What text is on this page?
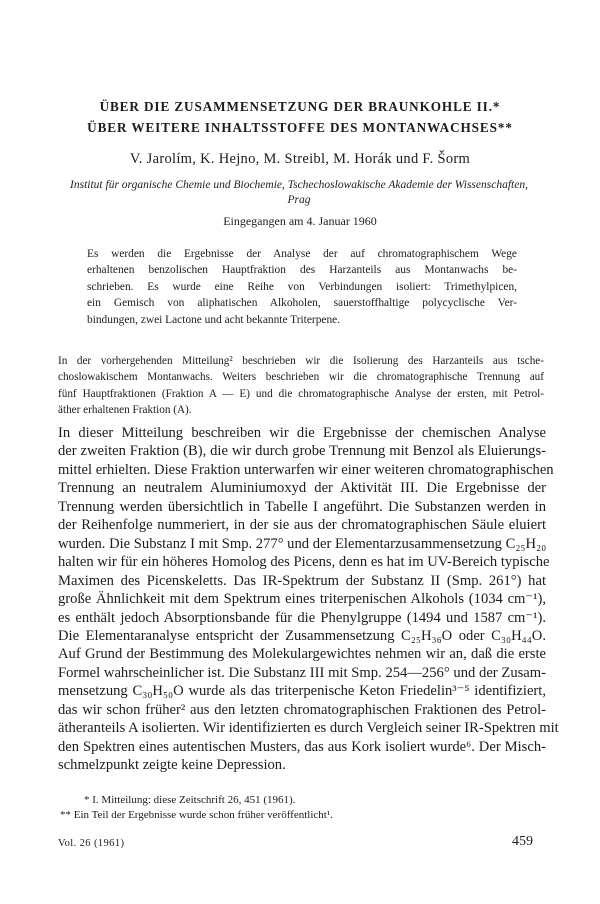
ÜBER DIE ZUSAMMENSETZUNG DER BRAUNKOHLE II.*
ÜBER WEITERE INHALTSSTOFFE DES MONTANWACHSES**
V. Jarolím, K. Hejno, M. Streibl, M. Horák und F. Šorm
Institut für organische Chemie und Biochemie, Tschechoslowakische Akademie der Wissenschaften,
Prag
Eingegangen am 4. Januar 1960
Es werden die Ergebnisse der Analyse der auf chromatographischem Wege
erhaltenen benzolischen Hauptfraktion des Harzanteils aus Montanwachs be-
schrieben. Es wurde eine Reihe von Verbindungen isoliert: Trimethylpicen,
ein Gemisch von aliphatischen Alkoholen, sauerstoffhaltige polycyclische Ver-
bindungen, zwei Lactone und acht bekannte Triterpene.
In der vorhergehenden Mitteilung² beschrieben wir die Isolierung des Harzanteils aus tsche-
choslowakischem Montanwachs. Weiters beschrieben wir die chromatographische Trennung auf
fünf Hauptfraktionen (Fraktion A — E) und die chromatographische Analyse der ersten, mit Petrol-
äther erhaltenen Fraktion (A).
In dieser Mitteilung beschreiben wir die Ergebnisse der chemischen Analyse
der zweiten Fraktion (B), die wir durch grobe Trennung mit Benzol als Eluierungs-
mittel erhielten. Diese Fraktion unterwarfen wir einer weiteren chromatographischen
Trennung an neutralem Aluminiumoxyd der Aktivität III. Die Ergebnisse der
Trennung werden übersichtlich in Tabelle I angeführt. Die Substanzen werden in
der Reihenfolge nummeriert, in der sie aus der chromatographischen Säule eluiert
wurden. Die Substanz I mit Smp. 277° und der Elementarzusammensetzung C₂₅H₂₀
halten wir für ein höheres Homolog des Picens, denn es hat im UV-Bereich typische
Maximen des Picenskeletts. Das IR-Spektrum der Substanz II (Smp. 261°) hat
große Ähnlichkeit mit dem Spektrum eines triterpenischen Alkohols (1034 cm⁻¹),
es enthält jedoch Absorptionsbande für die Phenylgruppe (1494 und 1587 cm⁻¹).
Die Elementaranalyse entspricht der Zusammensetzung C₂₅H₃₆O oder C₃₀H₄₄O.
Auf Grund der Bestimmung des Molekulargewichtes nehmen wir an, daß die erste
Formel wahrscheinlicher ist. Die Substanz III mit Smp. 254—256° und der Zusam-
mensetzung C₃₀H₅₀O wurde als das triterpenische Keton Friedelin³⁻⁵ identifiziert,
das wir schon früher² aus den letzten chromatographischen Fraktionen des Petrol-
ätheranteils A isolierten. Wir identifizierten es durch Vergleich seiner IR-Spektren mit
den Spektren eines autentischen Musters, das aus Kork isoliert wurde⁶. Der Misch-
schmelzpunkt zeigte keine Depression.
* I. Mitteilung: diese Zeitschrift 26, 451 (1961).
** Ein Teil der Ergebnisse wurde schon früher veröffentlicht¹.
Vol. 26 (1961)	459
